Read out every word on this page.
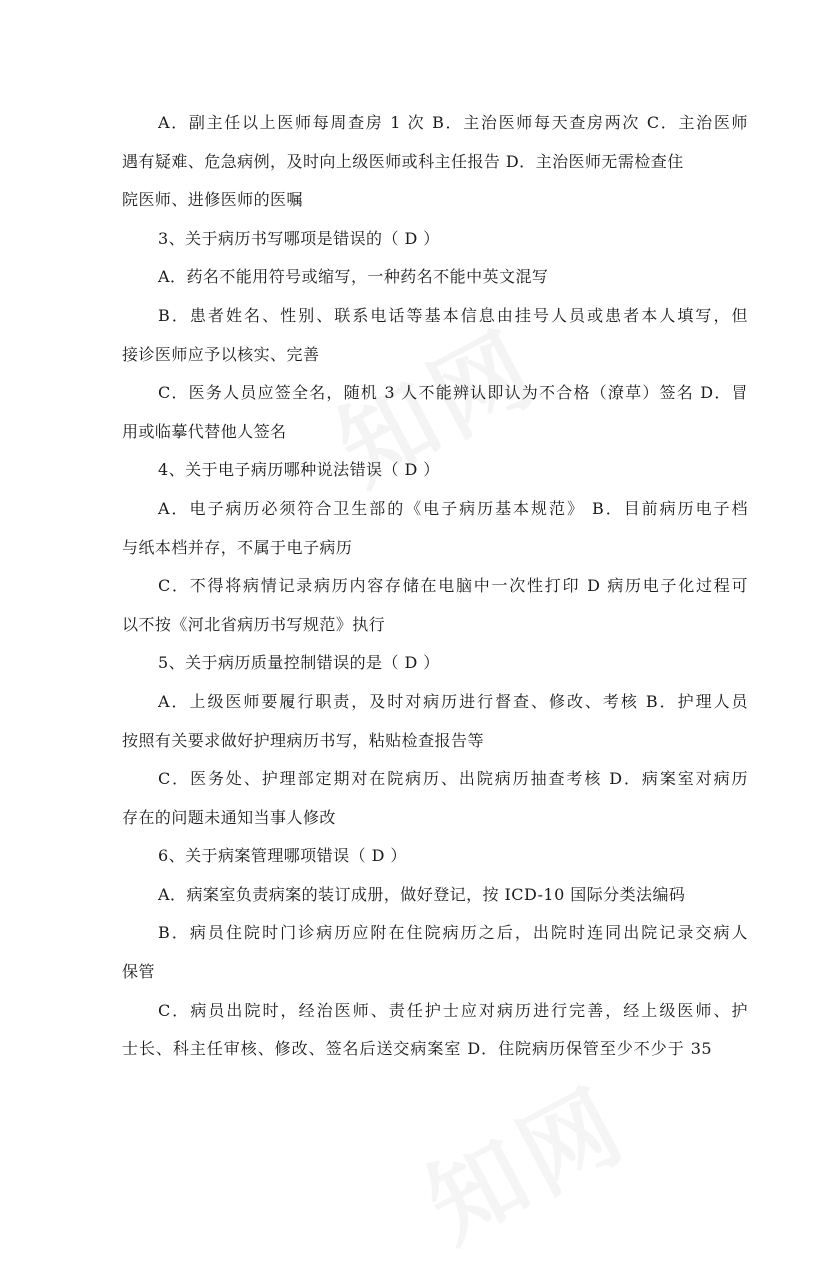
A．副主任以上医师每周查房 1 次 B．主治医师每天查房两次 C．主治医师
遇有疑难、危急病例，及时向上级医师或科主任报告 D．主治医师无需检查住
院医师、进修医师的医嘱
3、关于病历书写哪项是错误的（ D ）
A．药名不能用符号或缩写，一种药名不能中英文混写
B．患者姓名、性别、联系电话等基本信息由挂号人员或患者本人填写，但
接诊医师应予以核实、完善
C．医务人员应签全名，随机 3 人不能辨认即认为不合格（潦草）签名 D．冒
用或临摹代替他人签名
4、关于电子病历哪种说法错误（ D ）
A．电子病历必须符合卫生部的《电子病历基本规范》 B．目前病历电子档
与纸本档并存，不属于电子病历
C．不得将病情记录病历内容存储在电脑中一次性打印 D 病历电子化过程可
以不按《河北省病历书写规范》执行
5、关于病历质量控制错误的是（ D ）
A．上级医师要履行职责，及时对病历进行督查、修改、考核 B．护理人员
按照有关要求做好护理病历书写，粘贴检查报告等
C．医务处、护理部定期对在院病历、出院病历抽查考核 D．病案室对病历
存在的问题未通知当事人修改
6、关于病案管理哪项错误（ D ）
A．病案室负责病案的装订成册，做好登记，按 ICD-10 国际分类法编码
B．病员住院时门诊病历应附在住院病历之后，出院时连同出院记录交病人
保管
C．病员出院时，经治医师、责任护士应对病历进行完善，经上级医师、护
士长、科主任审核、修改、签名后送交病案室 D．住院病历保管至少不少于 35
